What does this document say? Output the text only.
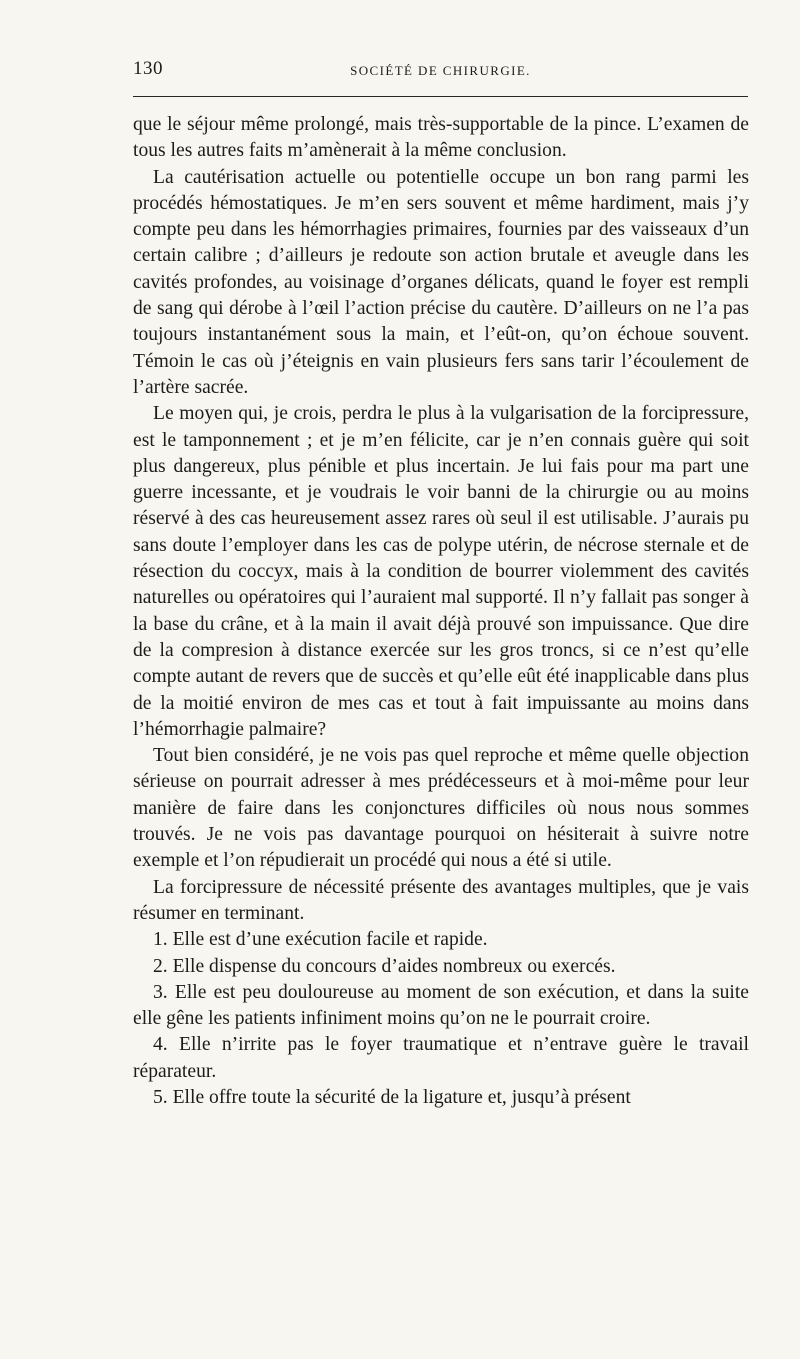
130	SOCIÉTÉ DE CHIRURGIE.

que le séjour même prolongé, mais très-supportable de la pince. L’examen de tous les autres faits m’amènerait à la même conclusion.

La cautérisation actuelle ou potentielle occupe un bon rang parmi les procédés hémostatiques. Je m’en sers souvent et même hardiment, mais j’y compte peu dans les hémorrhagies primaires, fournies par des vaisseaux d’un certain calibre ; d’ailleurs je redoute son action brutale et aveugle dans les cavités profondes, au voisinage d’organes délicats, quand le foyer est rempli de sang qui dérobe à l’œil l’action précise du cautère. D’ailleurs on ne l’a pas toujours instantanément sous la main, et l’eût-on, qu’on échoue souvent. Témoin le cas où j’éteignis en vain plusieurs fers sans tarir l’écoulement de l’artère sacrée.

Le moyen qui, je crois, perdra le plus à la vulgarisation de la forcipressure, est le tamponnement ; et je m’en félicite, car je n’en connais guère qui soit plus dangereux, plus pénible et plus incertain. Je lui fais pour ma part une guerre incessante, et je voudrais le voir banni de la chirurgie ou au moins réservé à des cas heureusement assez rares où seul il est utilisable. J’aurais pu sans doute l’employer dans les cas de polype utérin, de nécrose sternale et de résection du coccyx, mais à la condition de bourrer violemment des cavités naturelles ou opératoires qui l’auraient mal supporté. Il n’y fallait pas songer à la base du crâne, et à la main il avait déjà prouvé son impuissance. Que dire de la compresion à distance exercée sur les gros troncs, si ce n’est qu’elle compte autant de revers que de succès et qu’elle eût été inapplicable dans plus de la moitié environ de mes cas et tout à fait impuissante au moins dans l’hémorrhagie palmaire?

Tout bien considéré, je ne vois pas quel reproche et même quelle objection sérieuse on pourrait adresser à mes prédécesseurs et à moi-même pour leur manière de faire dans les conjonctures difficiles où nous nous sommes trouvés. Je ne vois pas davantage pourquoi on hésiterait à suivre notre exemple et l’on répudierait un procédé qui nous a été si utile.

La forcipressure de nécessité présente des avantages multiples, que je vais résumer en terminant.

1. Elle est d’une exécution facile et rapide.

2. Elle dispense du concours d’aides nombreux ou exercés.

3. Elle est peu douloureuse au moment de son exécution, et dans la suite elle gêne les patients infiniment moins qu’on ne le pourrait croire.

4. Elle n’irrite pas le foyer traumatique et n’entrave guère le travail réparateur.

5. Elle offre toute la sécurité de la ligature et, jusqu’à présent
